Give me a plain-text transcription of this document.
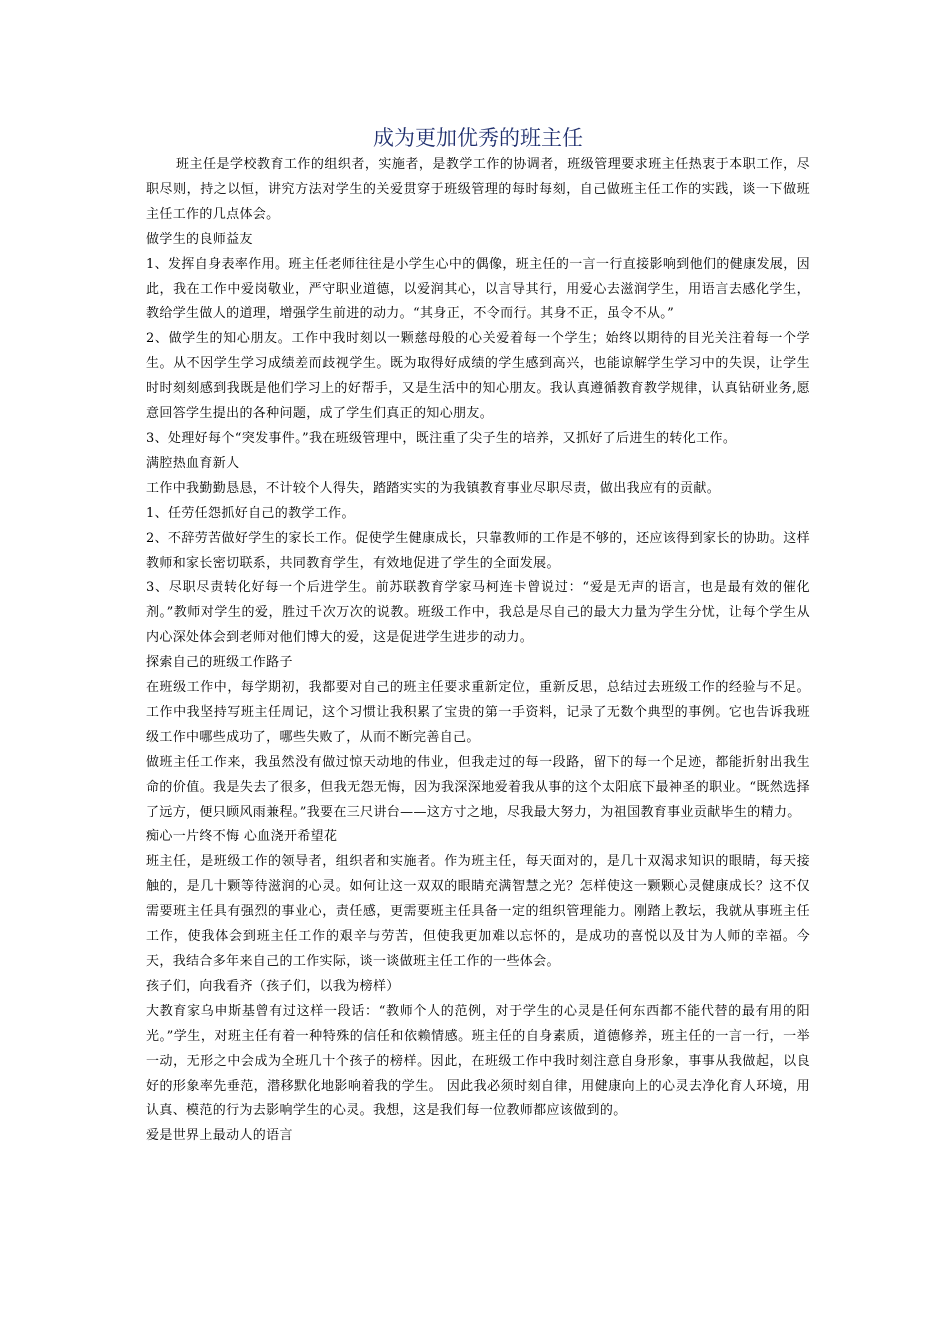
成为更加优秀的班主任

班主任是学校教育工作的组织者，实施者，是教学工作的协调者，班级管理要求班主任热衷于本职工作，尽职尽则，持之以恒，讲究方法对学生的关爱贯穿于班级管理的每时每刻，自己做班主任工作的实践，谈一下做班主任工作的几点体会。

做学生的良师益友

1、发挥自身表率作用。班主任老师往往是小学生心中的偶像，班主任的一言一行直接影响到他们的健康发展，因此，我在工作中爱岗敬业，严守职业道德，以爱润其心，以言导其行，用爱心去滋润学生，用语言去感化学生，教给学生做人的道理，增强学生前进的动力。“其身正，不令而行。其身不正，虽令不从。”

2、做学生的知心朋友。工作中我时刻以一颗慈母般的心关爱着每一个学生；始终以期待的目光关注着每一个学生。从不因学生学习成绩差而歧视学生。既为取得好成绩的学生感到高兴，也能谅解学生学习中的失误，让学生时时刻刻感到我既是他们学习上的好帮手，又是生活中的知心朋友。我认真遵循教育教学规律，认真钻研业务,愿意回答学生提出的各种问题，成了学生们真正的知心朋友。

3、处理好每个“突发事件。”我在班级管理中，既注重了尖子生的培养，又抓好了后进生的转化工作。

满腔热血育新人

工作中我勤勤恳恳，不计较个人得失，踏踏实实的为我镇教育事业尽职尽责，做出我应有的贡献。

1、任劳任怨抓好自己的教学工作。

2、不辞劳苦做好学生的家长工作。促使学生健康成长，只靠教师的工作是不够的，还应该得到家长的协助。这样教师和家长密切联系，共同教育学生，有效地促进了学生的全面发展。

3、尽职尽责转化好每一个后进学生。前苏联教育学家马柯连卡曾说过：“爱是无声的语言，也是最有效的催化剂。”教师对学生的爱，胜过千次万次的说教。班级工作中，我总是尽自己的最大力量为学生分忧，让每个学生从内心深处体会到老师对他们博大的爱，这是促进学生进步的动力。

探索自己的班级工作路子

在班级工作中，每学期初，我都要对自己的班主任要求重新定位，重新反思，总结过去班级工作的经验与不足。工作中我坚持写班主任周记，这个习惯让我积累了宝贵的第一手资料，记录了无数个典型的事例。它也告诉我班级工作中哪些成功了，哪些失败了，从而不断完善自己。

做班主任工作来，我虽然没有做过惊天动地的伟业，但我走过的每一段路，留下的每一个足迹，都能折射出我生命的价值。我是失去了很多，但我无怨无悔，因为我深深地爱着我从事的这个太阳底下最神圣的职业。“既然选择了远方，便只顾风雨兼程。”我要在三尺讲台——这方寸之地，尽我最大努力，为祖国教育事业贡献毕生的精力。

痴心一片终不悔 心血浇开希望花

班主任，是班级工作的领导者，组织者和实施者。作为班主任，每天面对的，是几十双渴求知识的眼睛，每天接触的，是几十颗等待滋润的心灵。如何让这一双双的眼睛充满智慧之光？怎样使这一颗颗心灵健康成长？这不仅需要班主任具有强烈的事业心，责任感，更需要班主任具备一定的组织管理能力。刚踏上教坛，我就从事班主任工作，使我体会到班主任工作的艰辛与劳苦，但使我更加难以忘怀的，是成功的喜悦以及甘为人师的幸福。今天，我结合多年来自己的工作实际，谈一谈做班主任工作的一些体会。

孩子们，向我看齐（孩子们，以我为榜样）

大教育家乌申斯基曾有过这样一段话：“教师个人的范例，对于学生的心灵是任何东西都不能代替的最有用的阳光。”学生，对班主任有着一种特殊的信任和依赖情感。班主任的自身素质，道德修养，班主任的一言一行，一举一动，无形之中会成为全班几十个孩子的榜样。因此，在班级工作中我时刻注意自身形象，事事从我做起，以良好的形象率先垂范，潜移默化地影响着我的学生。 因此我必须时刻自律，用健康向上的心灵去净化育人环境，用认真、模范的行为去影响学生的心灵。我想，这是我们每一位教师都应该做到的。

爱是世界上最动人的语言
